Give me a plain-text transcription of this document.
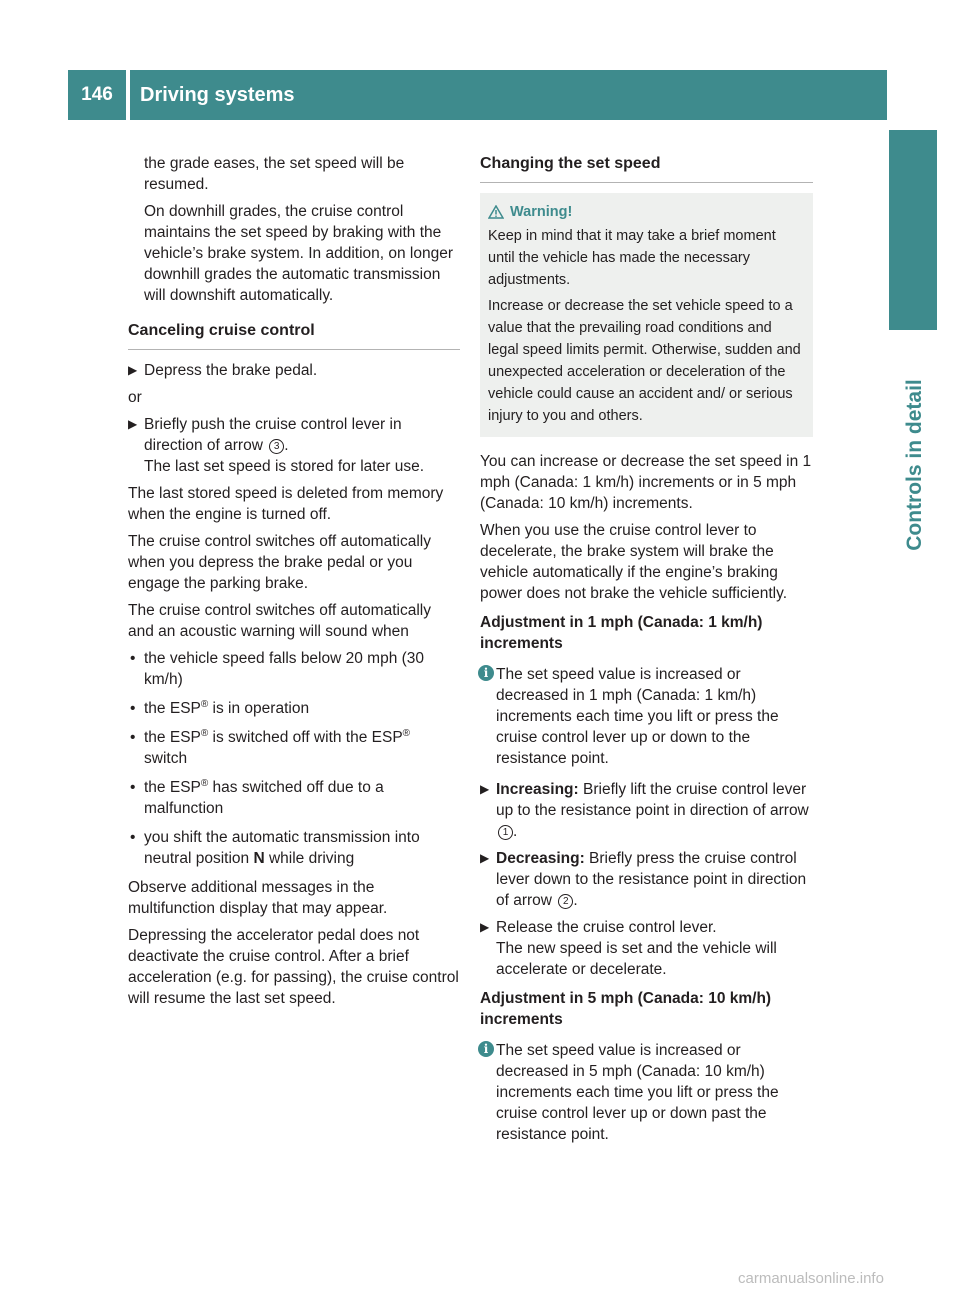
146	Driving systems
Controls in detail

the grade eases, the set speed will be resumed.

On downhill grades, the cruise control maintains the set speed by braking with the vehicle’s brake system. In addition, on longer downhill grades the automatic transmission will downshift automatically.

Canceling cruise control
▶ Depress the brake pedal.

or

▶ Briefly push the cruise control lever in direction of arrow 3 .
The last set speed is stored for later use.

The last stored speed is deleted from memory when the engine is turned off.

The cruise control switches off automatically when you depress the brake pedal or you engage the parking brake.

The cruise control switches off automatically and an acoustic warning will sound when

• the vehicle speed falls below 20 mph (30 km/h)
• the ESP® is in operation
• the ESP® is switched off with the ESP®
switch
• the ESP® has switched off due to a malfunction
• you shift the automatic transmission into neutral position N while driving

Observe additional messages in the multifunction display that may appear.

Depressing the accelerator pedal does not deactivate the cruise control. After a brief acceleration (e.g. for passing), the cruise control will resume the last set speed.

Changing the set speed
Warning!

Keep in mind that it may take a brief moment until the vehicle has made the necessary adjustments.

Increase or decrease the set vehicle speed to a value that the prevailing road conditions and legal speed limits permit. Otherwise, sudden and unexpected acceleration or deceleration of the vehicle could cause an accident and/ or serious injury to you and others.

You can increase or decrease the set speed in 1 mph (Canada: 1 km/h) increments or in 5 mph (Canada: 10 km/h) increments.

When you use the cruise control lever to decelerate, the brake system will brake the vehicle automatically if the engine’s braking power does not brake the vehicle sufficiently.

Adjustment in 1 mph (Canada: 1 km/h) increments
i The set speed value is increased or decreased in 1 mph (Canada: 1 km/h) increments each time you lift or press the cruise control lever up or down to the resistance point.
▶ Increasing: Briefly lift the cruise control lever up to the resistance point in direction of arrow 1 .
▶ Decreasing: Briefly press the cruise control lever down to the resistance point in direction of arrow 2 .
▶ Release the cruise control lever.
The new speed is set and the vehicle will accelerate or decelerate.
Adjustment in 5 mph (Canada: 10 km/h) increments
i The set speed value is increased or decreased in 5 mph (Canada: 10 km/h) increments each time you lift or press the cruise control lever up or down past the resistance point.
carmanualsonline.info
